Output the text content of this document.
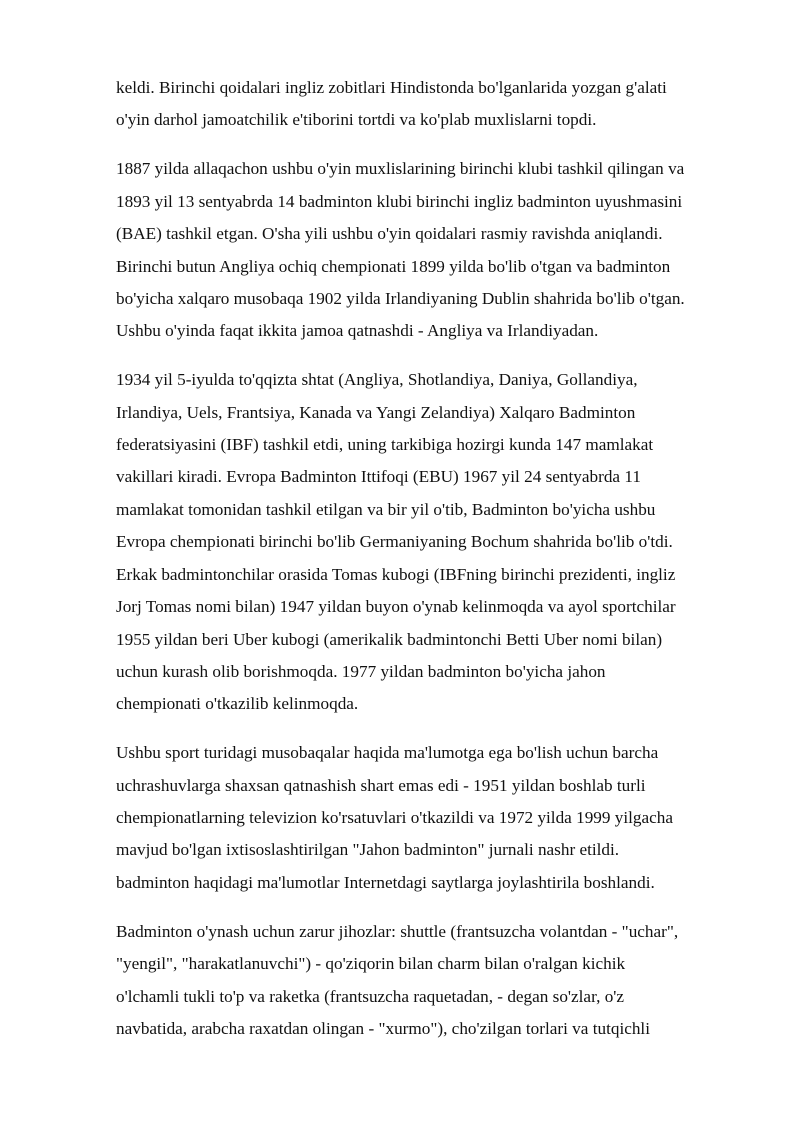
keldi. Birinchi qoidalari ingliz zobitlari Hindistonda bo'lganlarida yozgan g'alati
o'yin darhol jamoatchilik e'tiborini tortdi va ko'plab muxlislarni topdi.

1887 yilda allaqachon ushbu o'yin muxlislarining birinchi klubi tashkil qilingan va
1893 yil 13 sentyabrda 14 badminton klubi birinchi ingliz badminton uyushmasini
(BAE) tashkil etgan. O'sha yili ushbu o'yin qoidalari rasmiy ravishda aniqlandi.
Birinchi butun Angliya ochiq chempionati 1899 yilda bo'lib o'tgan va badminton
bo'yicha xalqaro musobaqa 1902 yilda Irlandiyaning Dublin shahrida bo'lib o'tgan.
Ushbu o'yinda faqat ikkita jamoa qatnashdi - Angliya va Irlandiyadan.

1934 yil 5-iyulda to'qqizta shtat (Angliya, Shotlandiya, Daniya, Gollandiya,
Irlandiya, Uels, Frantsiya, Kanada va Yangi Zelandiya) Xalqaro Badminton
federatsiyasini (IBF) tashkil etdi, uning tarkibiga hozirgi kunda 147 mamlakat
vakillari kiradi. Evropa Badminton Ittifoqi (EBU) 1967 yil 24 sentyabrda 11
mamlakat tomonidan tashkil etilgan va bir yil o'tib, Badminton bo'yicha ushbu
Evropa chempionati birinchi bo'lib Germaniyaning Bochum shahrida bo'lib o'tdi.
Erkak badmintonchilar orasida Tomas kubogi (IBFning birinchi prezidenti, ingliz
Jorj Tomas nomi bilan) 1947 yildan buyon o'ynab kelinmoqda va ayol sportchilar
1955 yildan beri Uber kubogi (amerikalik badmintonchi Betti Uber nomi bilan)
uchun kurash olib borishmoqda. 1977 yildan badminton bo'yicha jahon
chempionati o'tkazilib kelinmoqda.

Ushbu sport turidagi musobaqalar haqida ma'lumotga ega bo'lish uchun barcha
uchrashuvlarga shaxsan qatnashish shart emas edi - 1951 yildan boshlab turli
chempionatlarning televizion ko'rsatuvlari o'tkazildi va 1972 yilda 1999 yilgacha
mavjud bo'lgan ixtisoslashtirilgan "Jahon badminton" jurnali nashr etildi.
badminton haqidagi ma'lumotlar Internetdagi saytlarga joylashtirila boshlandi.

Badminton o'ynash uchun zarur jihozlar: shuttle (frantsuzcha volantdan - "uchar",
"yengil", "harakatlanuvchi") - qo'ziqorin bilan charm bilan o'ralgan kichik
o'lchamli tukli to'p va raketka (frantsuzcha raquetadan, - degan so'zlar, o'z
navbatida, arabcha raxatdan olingan - "xurmo"), cho'zilgan torlari va tutqichli
